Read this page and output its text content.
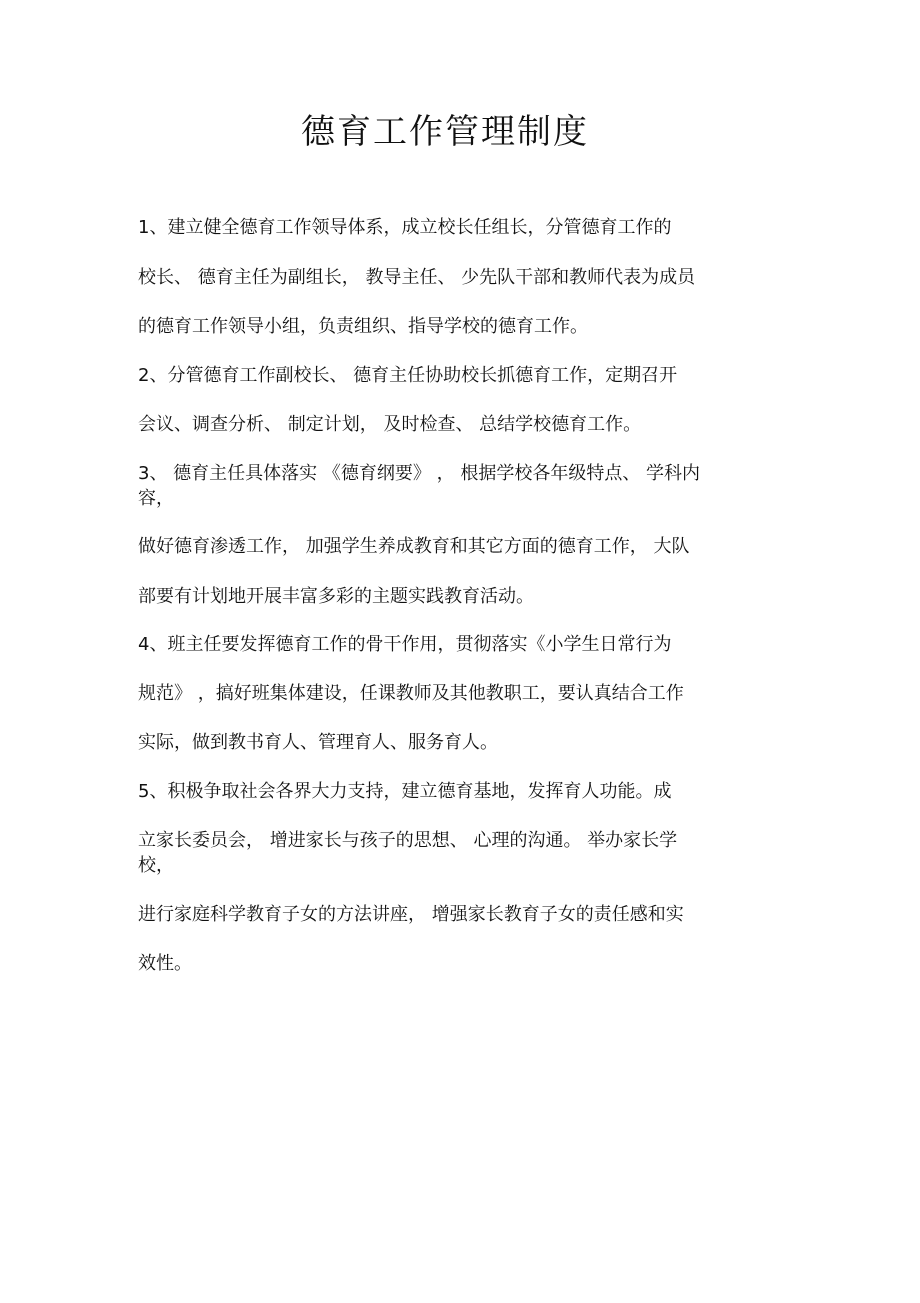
德育工作管理制度
1、建立健全德育工作领导体系，成立校长任组长，分管德育工作的
校长、 德育主任为副组长， 教导主任、 少先队干部和教师代表为成员
的德育工作领导小组，负责组织、指导学校的德育工作。
2、分管德育工作副校长、 德育主任协助校长抓德育工作，定期召开
会议、调查分析、 制定计划， 及时检查、 总结学校德育工作。
3、 德育主任具体落实 《德育纲要》 ， 根据学校各年级特点、 学科内
容，
做好德育渗透工作， 加强学生养成教育和其它方面的德育工作， 大队
部要有计划地开展丰富多彩的主题实践教育活动。
4、班主任要发挥德育工作的骨干作用，贯彻落实《小学生日常行为
规范》 ，搞好班集体建设，任课教师及其他教职工，要认真结合工作
实际，做到教书育人、管理育人、服务育人。
5、积极争取社会各界大力支持，建立德育基地，发挥育人功能。成
立家长委员会， 增进家长与孩子的思想、 心理的沟通。 举办家长学
校，
进行家庭科学教育子女的方法讲座， 增强家长教育子女的责任感和实
效性。
